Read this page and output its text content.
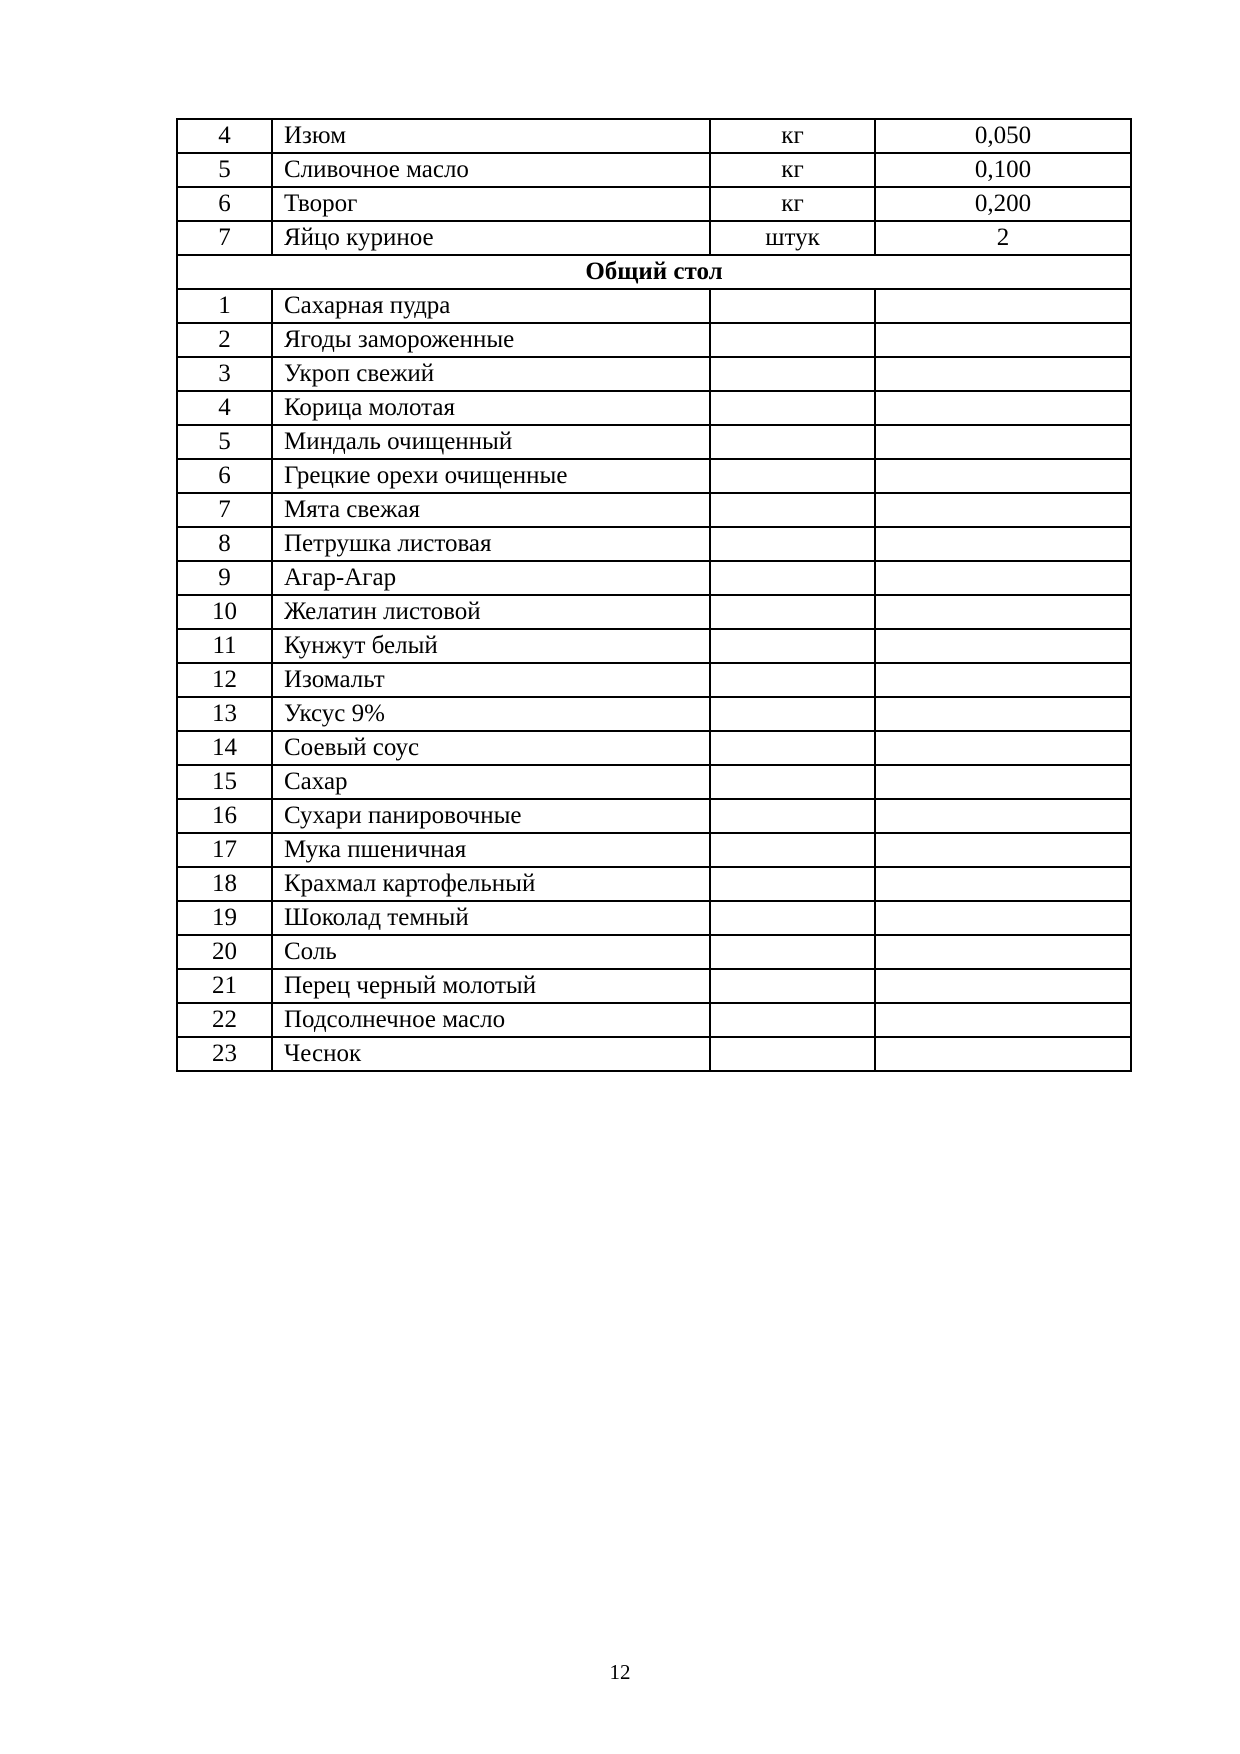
4	Изюм	кг	0,050
5	Сливочное масло	кг	0,100
6	Творог	кг	0,200
7	Яйцо куриное	штук	2
Общий стол			
1	Сахарная пудра		
2	Ягоды замороженные		
3	Укроп свежий		
4	Корица молотая		
5	Миндаль очищенный		
6	Грецкие орехи очищенные		
7	Мята свежая		
8	Петрушка листовая		
9	Агар-Агар		
10	Желатин листовой		
11	Кунжут белый		
12	Изомальт		
13	Уксус 9%		
14	Соевый соус		
15	Сахар		
16	Сухари панировочные		
17	Мука пшеничная		
18	Крахмал картофельный		
19	Шоколад темный		
20	Соль		
21	Перец черный молотый		
22	Подсолнечное масло		
23	Чеснок		
12
